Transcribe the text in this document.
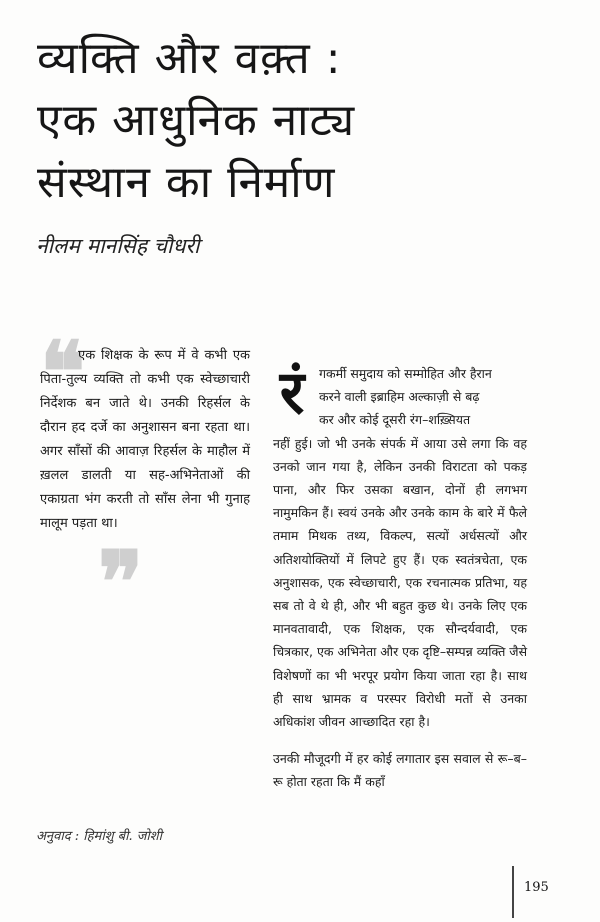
व्यक्ति और वक़्त :
एक आधुनिक नाट्य
संस्थान का निर्माण
नीलम मानसिंह चौधरी
❝
एक शिक्षक के रूप में वे कभी एक पिता-तुल्य व्यक्ति तो कभी एक स्वेच्छाचारी निर्देशक बन जाते थे। उनकी रिहर्सल के दौरान हद दर्जे का अनुशासन बना रहता था। अगर साँसों की आवाज़ रिहर्सल के माहौल में ख़लल डालती या सह-अभिनेताओं की एकाग्रता भंग करती तो साँस लेना भी गुनाह मालूम पड़ता था।
❞
रं	गकर्मी समुदाय को सम्मोहित और हैरान
करने वाली इब्राहिम अल्काज़ी से बढ़
कर और कोई दूसरी रंग–शख़्सियत
नहीं हुई। जो भी उनके संपर्क में आया उसे लगा कि वह उनको जान गया है, लेकिन उनकी विराटता को पकड़ पाना, और फिर उसका बखान, दोनों ही लगभग नामुमकिन हैं। स्वयं उनके और उनके काम के बारे में फैले तमाम मिथक तथ्य, विकल्प, सत्यों अर्धसत्यों और अतिशयोक्तियों में लिपटे हुए हैं। एक स्वतंत्रचेता, एक अनुशासक, एक स्वेच्छाचारी, एक रचनात्मक प्रतिभा, यह सब तो वे थे ही, और भी बहुत कुछ थे। उनके लिए एक मानवतावादी, एक शिक्षक, एक सौन्दर्यवादी, एक चित्रकार, एक अभिनेता और एक दृष्टि–सम्पन्न व्यक्ति जैसे विशेषणों का भी भरपूर प्रयोग किया जाता रहा है। साथ ही साथ भ्रामक व परस्पर विरोधी मतों से उनका अधिकांश जीवन आच्छादित रहा है।

उनकी मौजूदगी में हर कोई लगातार इस सवाल से रू–ब–रू होता रहता कि मैं कहाँ

अनुवाद : हिमांशु बी. जोशी
195
